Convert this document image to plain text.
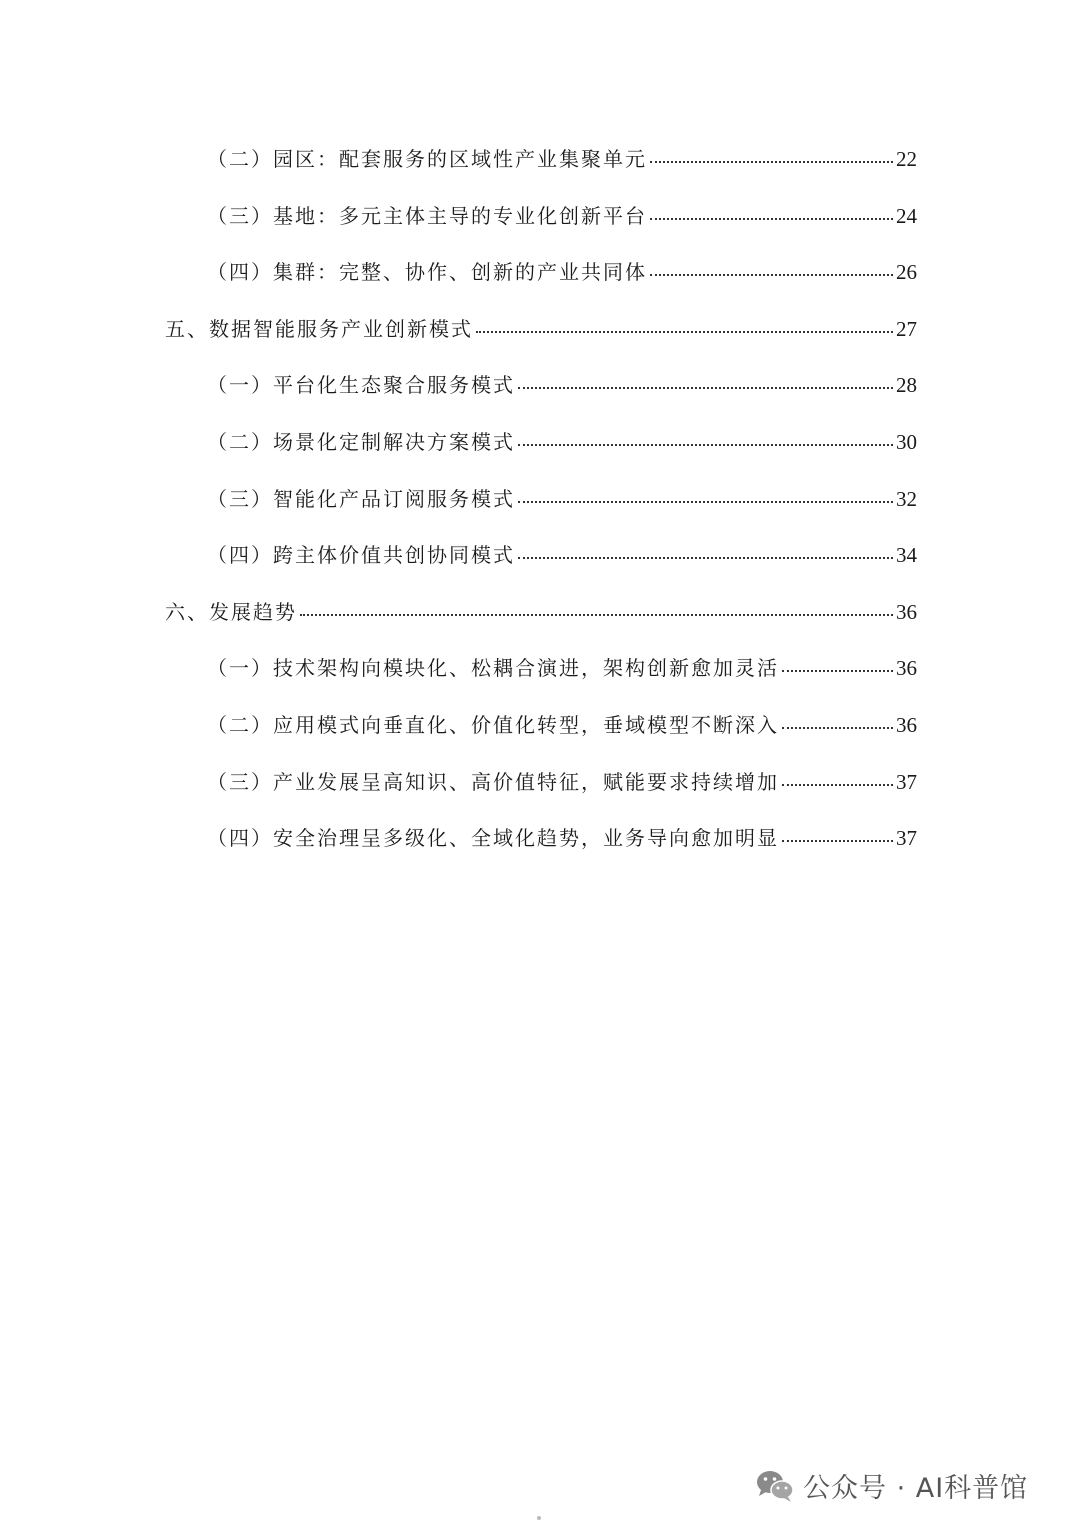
（二）园区：配套服务的区域性产业集聚单元	22
（三）基地：多元主体主导的专业化创新平台	24
（四）集群：完整、协作、创新的产业共同体	26
五、数据智能服务产业创新模式	27
（一）平台化生态聚合服务模式	28
（二）场景化定制解决方案模式	30
（三）智能化产品订阅服务模式	32
（四）跨主体价值共创协同模式	34
六、发展趋势	36
（一）技术架构向模块化、松耦合演进，架构创新愈加灵活	36
（二）应用模式向垂直化、价值化转型，垂域模型不断深入	36
（三）产业发展呈高知识、高价值特征，赋能要求持续增加	37
（四）安全治理呈多级化、全域化趋势，业务导向愈加明显	37
公众号 · AI科普馆
